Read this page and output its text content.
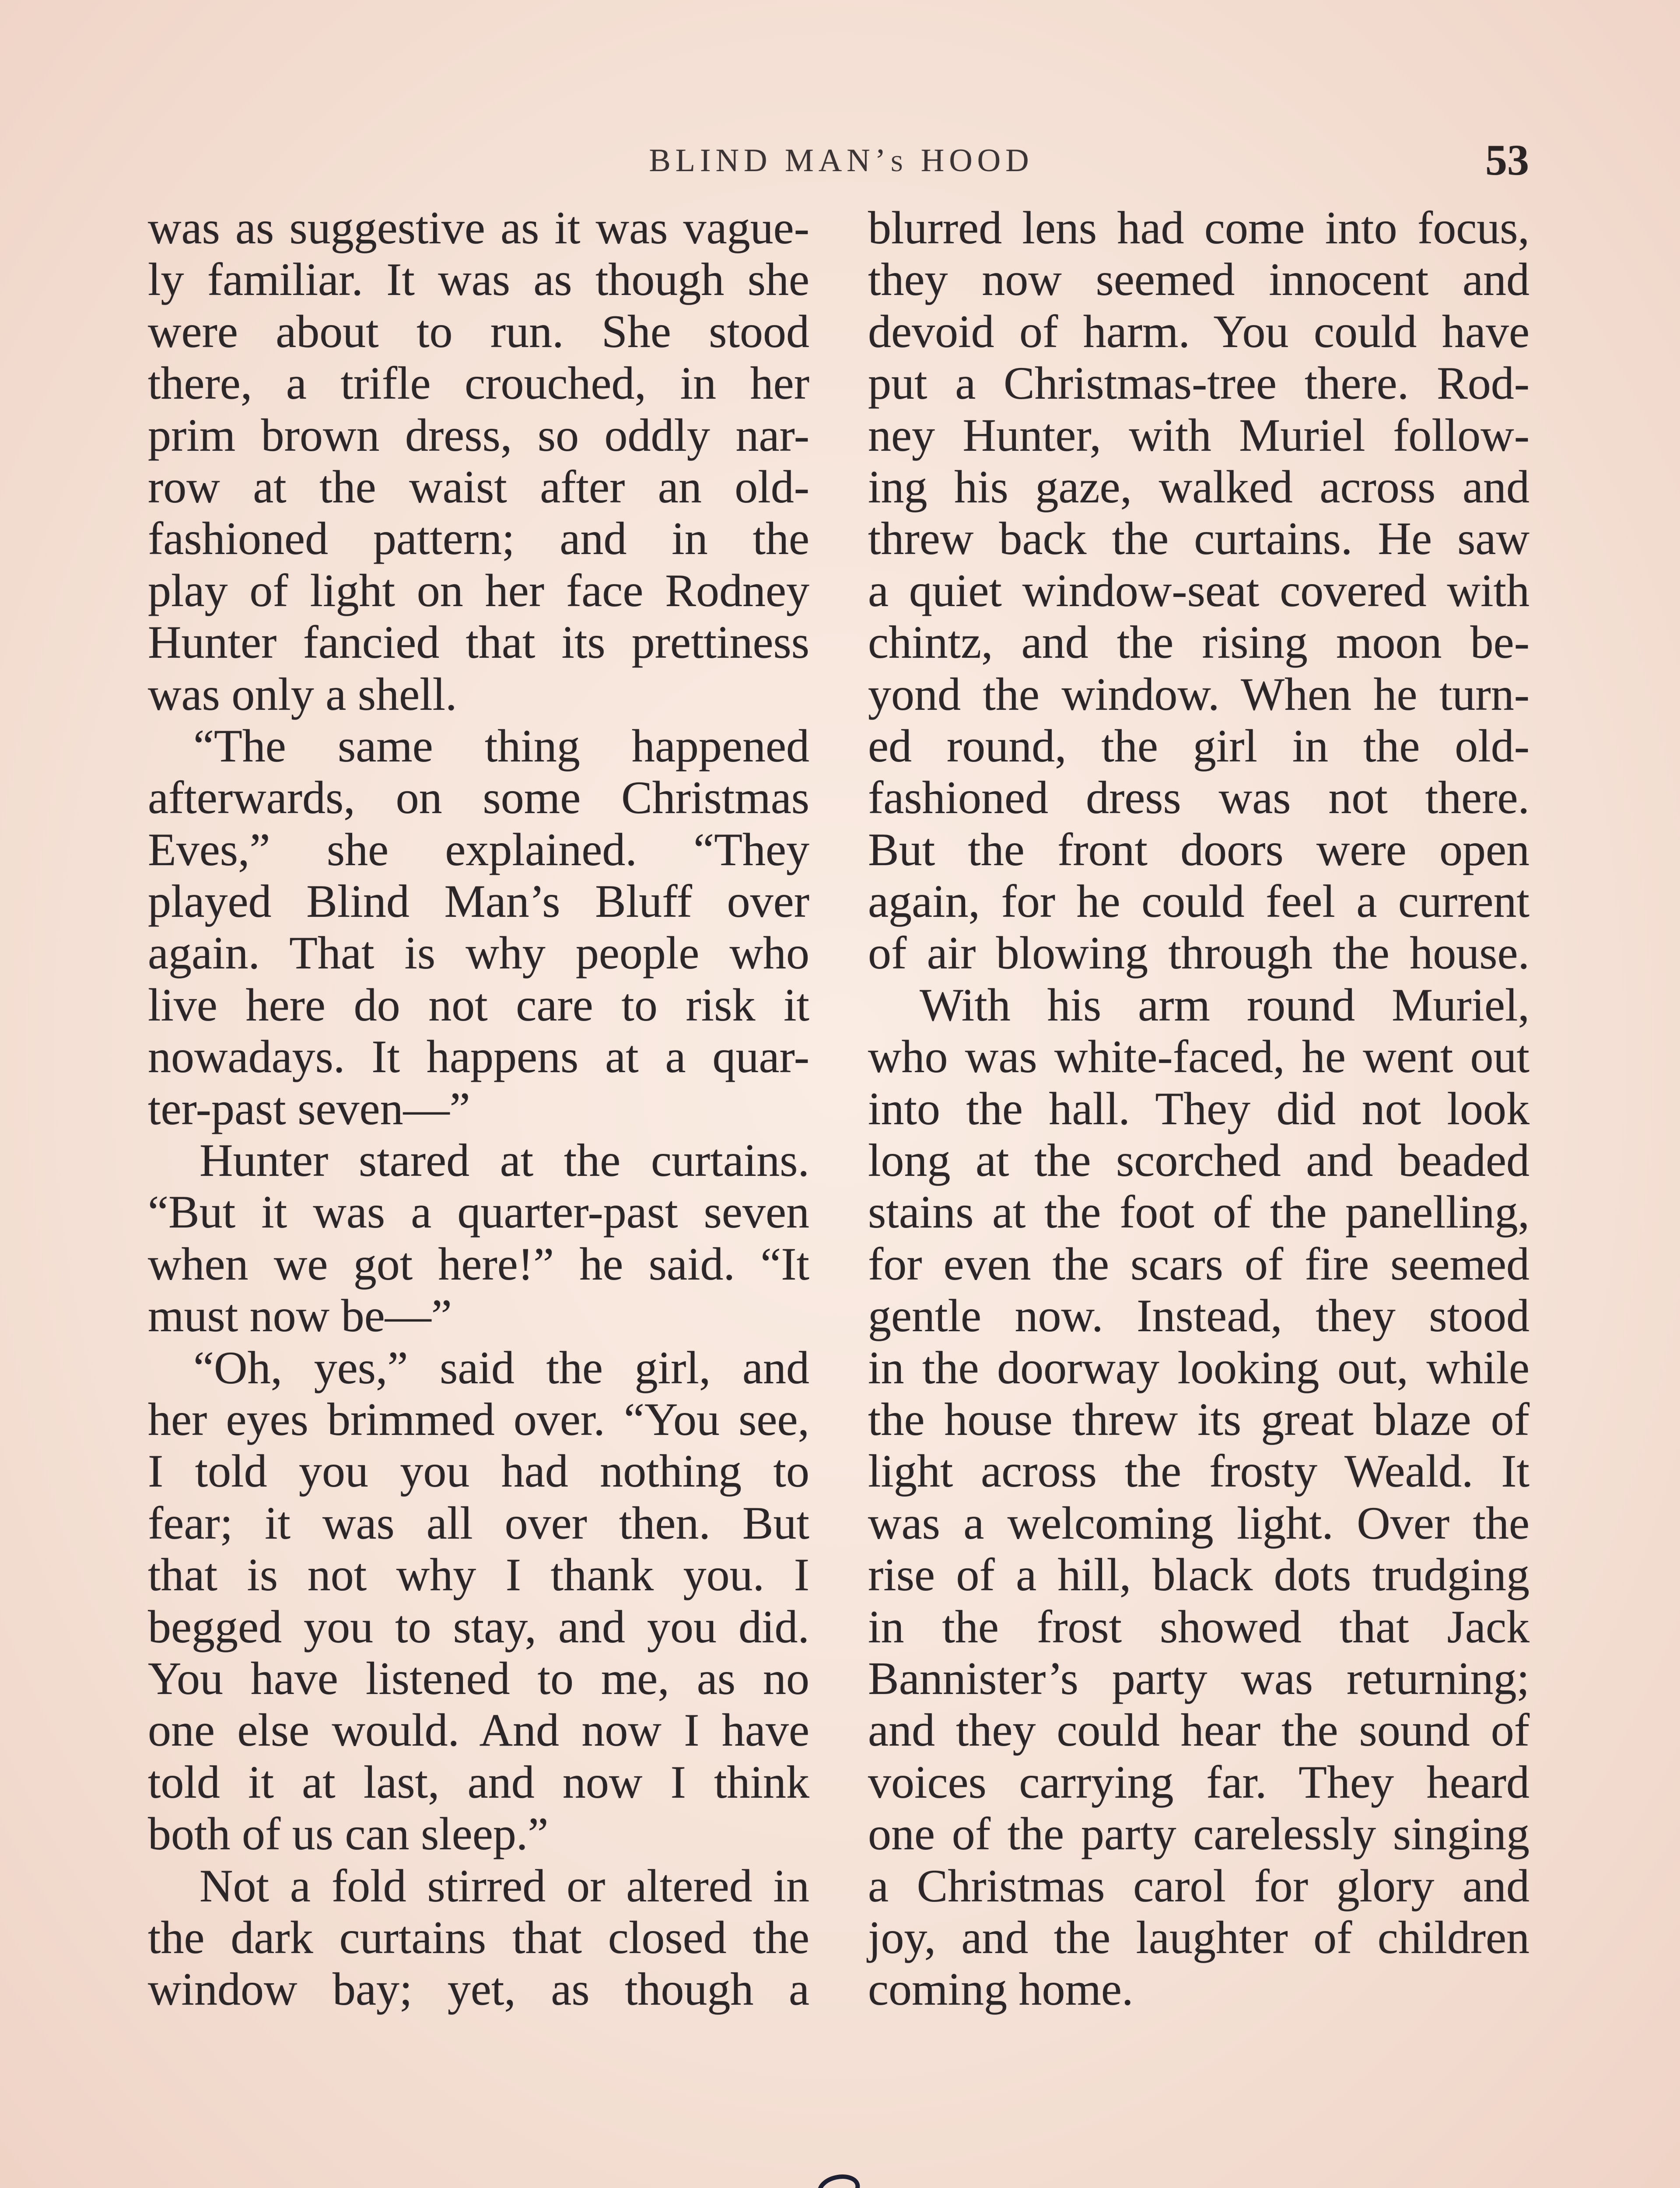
BLIND MAN’s HOOD	53
was as suggestive as it was vague-
ly familiar. It was as though she
were about to run. She stood
there, a trifle crouched, in her
prim brown dress, so oddly nar-
row at the waist after an old-
fashioned pattern; and in the
play of light on her face Rodney
Hunter fancied that its prettiness
was only a shell.
“The same thing happened
afterwards, on some Christmas
Eves,” she explained. “They
played Blind Man’s Bluff over
again. That is why people who
live here do not care to risk it
nowadays. It happens at a quar-
ter-past seven—”
Hunter stared at the curtains.
“But it was a quarter-past seven
when we got here!” he said. “It
must now be—”
“Oh, yes,” said the girl, and
her eyes brimmed over. “You see,
I told you you had nothing to
fear; it was all over then. But
that is not why I thank you. I
begged you to stay, and you did.
You have listened to me, as no
one else would. And now I have
told it at last, and now I think
both of us can sleep.”
Not a fold stirred or altered in
the dark curtains that closed the
window bay; yet, as though a
blurred lens had come into focus,
they now seemed innocent and
devoid of harm. You could have
put a Christmas-tree there. Rod-
ney Hunter, with Muriel follow-
ing his gaze, walked across and
threw back the curtains. He saw
a quiet window-seat covered with
chintz, and the rising moon be-
yond the window. When he turn-
ed round, the girl in the old-
fashioned dress was not there.
But the front doors were open
again, for he could feel a current
of air blowing through the house.
With his arm round Muriel,
who was white-faced, he went out
into the hall. They did not look
long at the scorched and beaded
stains at the foot of the panelling,
for even the scars of fire seemed
gentle now. Instead, they stood
in the doorway looking out, while
the house threw its great blaze of
light across the frosty Weald. It
was a welcoming light. Over the
rise of a hill, black dots trudging
in the frost showed that Jack
Bannister’s party was returning;
and they could hear the sound of
voices carrying far. They heard
one of the party carelessly singing
a Christmas carol for glory and
joy, and the laughter of children
coming home.
